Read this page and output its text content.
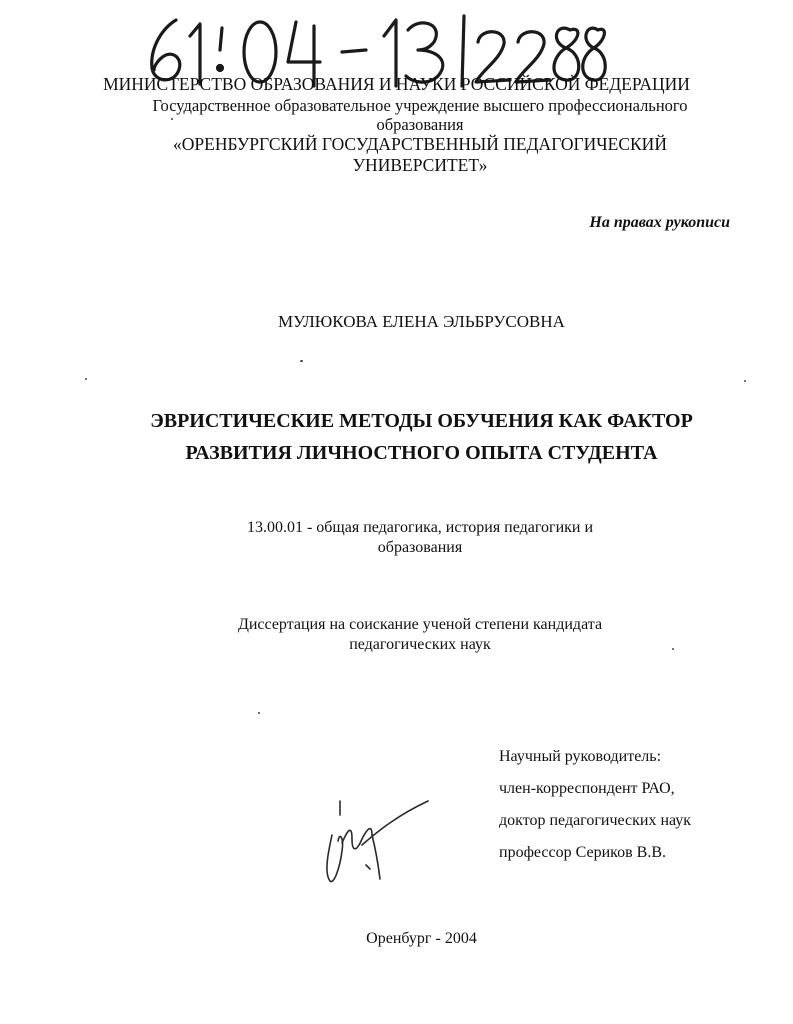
МИНИСТЕРСТВО ОБРАЗОВАНИЯ И НАУКИ РОССИЙСКОЙ ФЕДЕРАЦИИ
Государственное образовательное учреждение высшего профессионального
образования
«ОРЕНБУРГСКИЙ ГОСУДАРСТВЕННЫЙ ПЕДАГОГИЧЕСКИЙ
УНИВЕРСИТЕТ»
На правах рукописи
МУЛЮКОВА ЕЛЕНА ЭЛЬБРУСОВНА
ЭВРИСТИЧЕСКИЕ МЕТОДЫ ОБУЧЕНИЯ КАК ФАКТОР
РАЗВИТИЯ ЛИЧНОСТНОГО ОПЫТА СТУДЕНТА
13.00.01 - общая педагогика, история педагогики и
образования
Диссертация на соискание ученой степени кандидата
педагогических наук
Научный руководитель:
член-корреспондент РАО,
доктор педагогических наук
профессор Сериков В.В.
Оренбург - 2004
